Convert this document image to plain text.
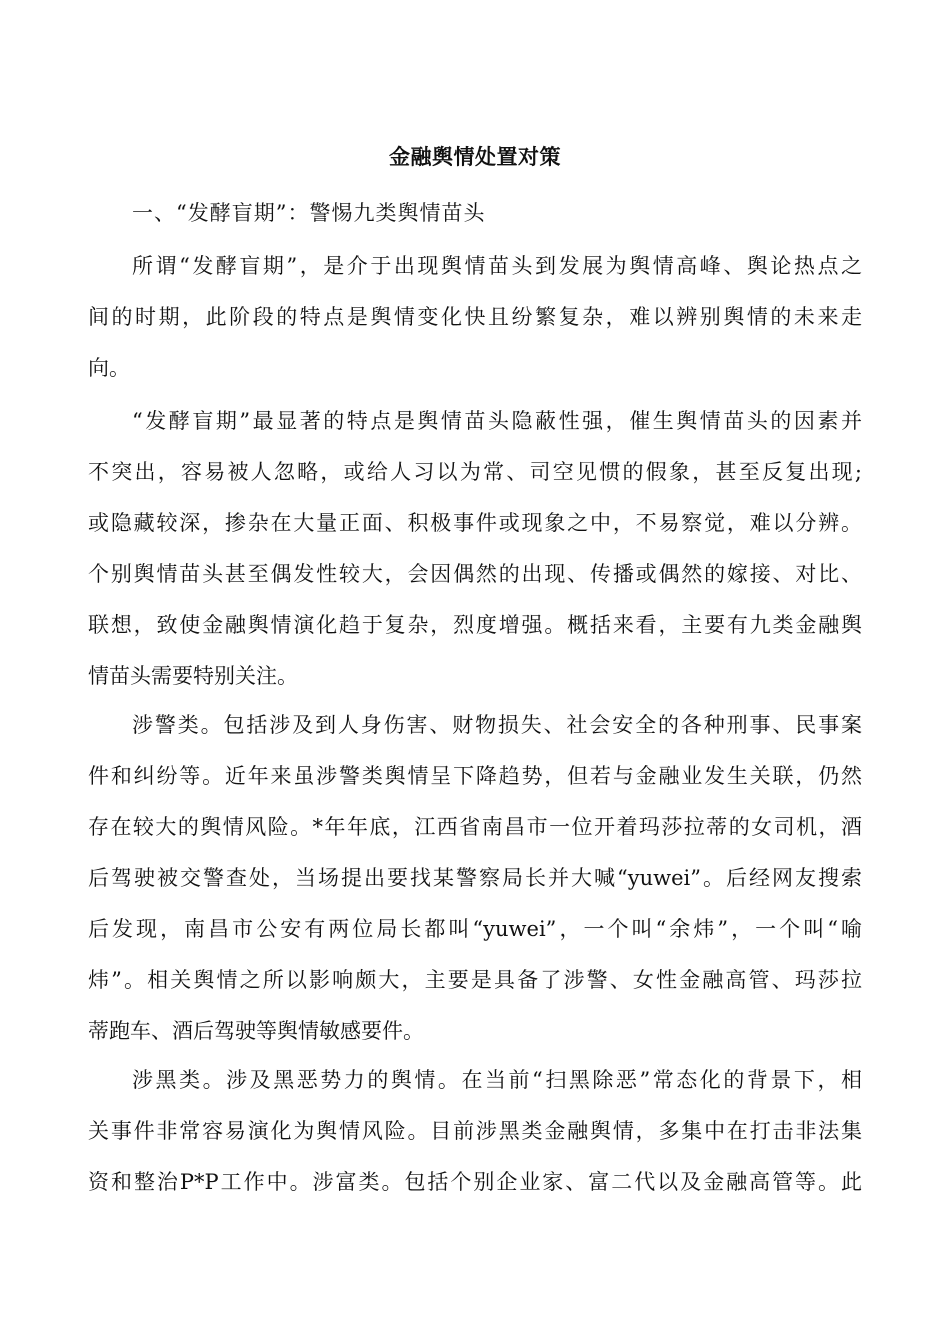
金融舆情处置对策
一、“发酵盲期”：警惕九类舆情苗头
所谓“发酵盲期”，是介于出现舆情苗头到发展为舆情高峰、舆论热点之
间的时期，此阶段的特点是舆情变化快且纷繁复杂，难以辨别舆情的未来走
向。
“发酵盲期”最显著的特点是舆情苗头隐蔽性强，催生舆情苗头的因素并
不突出，容易被人忽略，或给人习以为常、司空见惯的假象，甚至反复出现;
或隐藏较深，掺杂在大量正面、积极事件或现象之中，不易察觉，难以分辨。
个别舆情苗头甚至偶发性较大，会因偶然的出现、传播或偶然的嫁接、对比、
联想，致使金融舆情演化趋于复杂，烈度增强。概括来看，主要有九类金融舆
情苗头需要特别关注。
涉警类。包括涉及到人身伤害、财物损失、社会安全的各种刑事、民事案
件和纠纷等。近年来虽涉警类舆情呈下降趋势，但若与金融业发生关联，仍然
存在较大的舆情风险。*年年底，江西省南昌市一位开着玛莎拉蒂的女司机，酒
后驾驶被交警查处，当场提出要找某警察局长并大喊“yuwei”。后经网友搜索
后发现，南昌市公安有两位局长都叫“yuwei”，一个叫“余炜”，一个叫“喻
炜”。相关舆情之所以影响颇大，主要是具备了涉警、女性金融高管、玛莎拉
蒂跑车、酒后驾驶等舆情敏感要件。
涉黑类。涉及黑恶势力的舆情。在当前“扫黑除恶”常态化的背景下，相
关事件非常容易演化为舆情风险。目前涉黑类金融舆情，多集中在打击非法集
资和整治P*P工作中。涉富类。包括个别企业家、富二代以及金融高管等。此
